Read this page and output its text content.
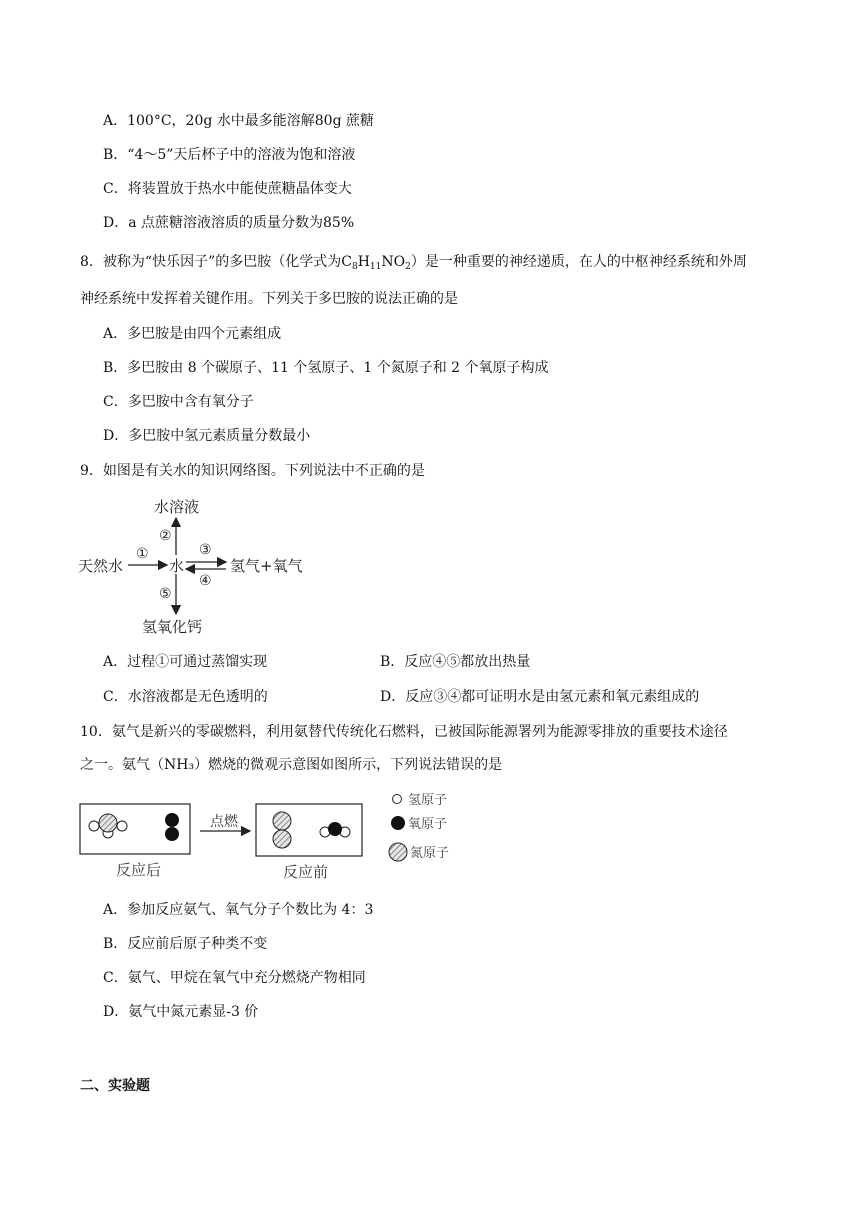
A．100°C，20g 水中最多能溶解80g 蔗糖
B．“4～5”天后杯子中的溶液为饱和溶液
C．将装置放于热水中能使蔗糖晶体变大
D．a 点蔗糖溶液溶质的质量分数为85%
8．被称为“快乐因子”的多巴胺（化学式为$C_8H_{11}NO_2$）是一种重要的神经递质，在人的中枢神经系统和外周
神经系统中发挥着关键作用。下列关于多巴胺的说法正确的是
A．多巴胺是由四个元素组成
B．多巴胺由 8 个碳原子、11 个氢原子、1 个氮原子和 2 个氧原子构成
C．多巴胺中含有氧分子
D．多巴胺中氢元素质量分数最小
9．如图是有关水的知识网络图。下列说法中不正确的是
水溶液
天然水	水	氢气+氧气
氢氧化钙
①
②
③
④
⑤
A．过程①可通过蒸馏实现	B．反应④⑤都放出热量
C．水溶液都是无色透明的	D．反应③④都可证明水是由氢元素和氧元素组成的
10．氨气是新兴的零碳燃料，利用氨替代传统化石燃料，已被国际能源署列为能源零排放的重要技术途径
之一。氨气（NH₃）燃烧的微观示意图如图所示，下列说法错误的是
反应后
点燃
反应前
氢原子
氧原子
氮原子
A．参加反应氨气、氧气分子个数比为 4：3
B．反应前后原子种类不变
C．氨气、甲烷在氧气中充分燃烧产物相同
D．氨气中氮元素显-3 价
二、实验题
